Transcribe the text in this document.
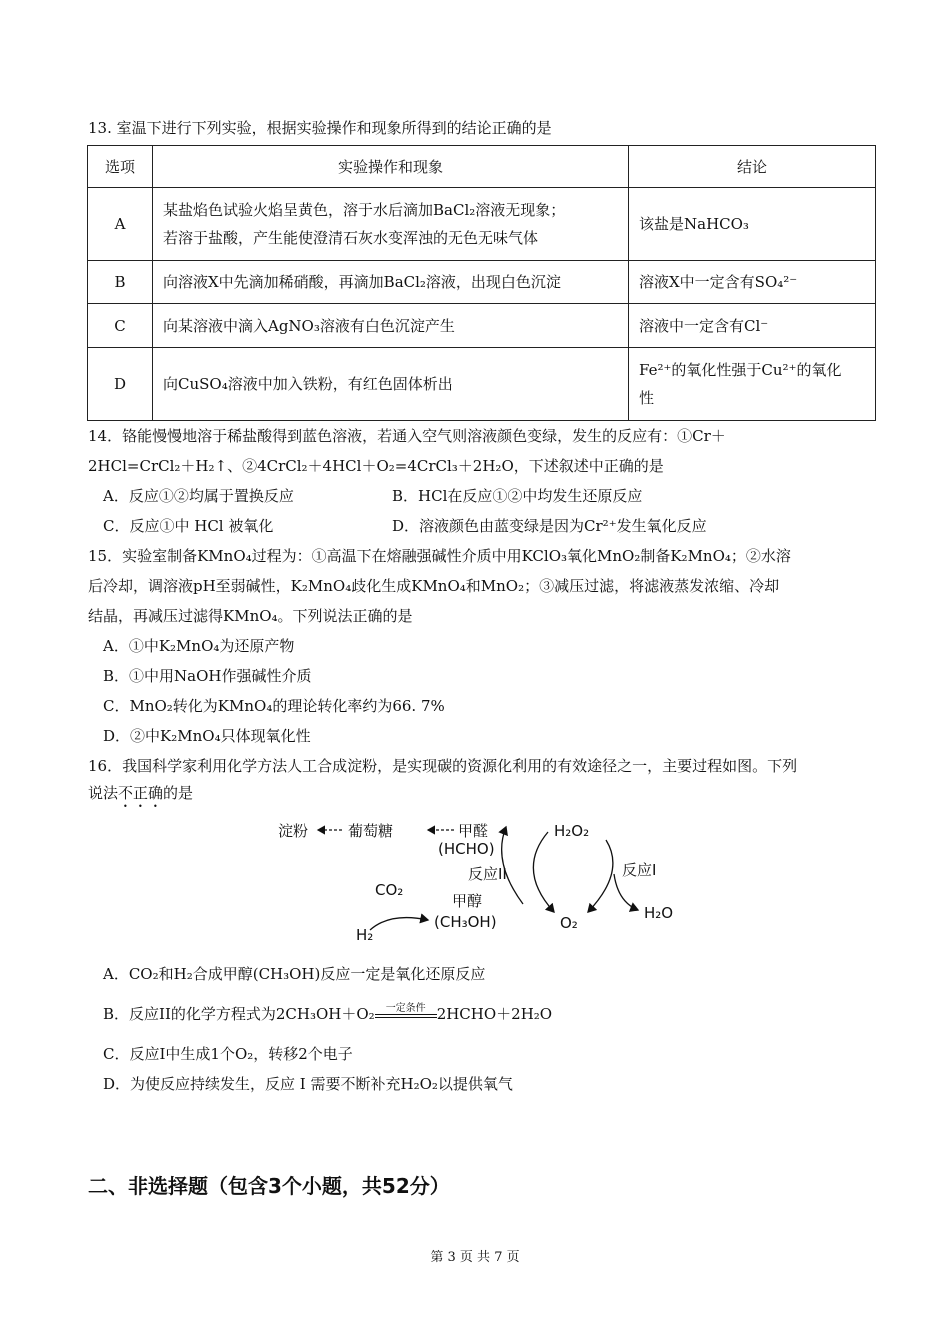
13. 室温下进行下列实验，根据实验操作和现象所得到的结论正确的是
选项	实验操作和现象	结论
A	某盐焰色试验火焰呈黄色，溶于水后滴加BaCl₂溶液无现象；
若溶于盐酸，产生能使澄清石灰水变浑浊的无色无味气体	该盐是NaHCO₃
B	向溶液X中先滴加稀硝酸，再滴加BaCl₂溶液，出现白色沉淀	溶液X中一定含有SO₄²⁻
C	向某溶液中滴入AgNO₃溶液有白色沉淀产生	溶液中一定含有Cl⁻
D	向CuSO₄溶液中加入铁粉，有红色固体析出	Fe²⁺的氧化性强于Cu²⁺的氧化
性
14．铬能慢慢地溶于稀盐酸得到蓝色溶液，若通入空气则溶液颜色变绿，发生的反应有：①Cr＋
2HCl=CrCl₂＋H₂↑、②4CrCl₂＋4HCl＋O₂=4CrCl₃＋2H₂O，下述叙述中正确的是
A．反应①②均属于置换反应	B．HCl在反应①②中均发生还原反应
C．反应①中 HCl 被氧化	D．溶液颜色由蓝变绿是因为Cr²⁺发生氧化反应
15．实验室制备KMnO₄过程为：①高温下在熔融强碱性介质中用KClO₃氧化MnO₂制备K₂MnO₄；②水溶
后冷却，调溶液pH至弱碱性，K₂MnO₄歧化生成KMnO₄和MnO₂；③减压过滤，将滤液蒸发浓缩、冷却
结晶，再减压过滤得KMnO₄。下列说法正确的是
A．①中K₂MnO₄为还原产物
B．①中用NaOH作强碱性介质
C．MnO₂转化为KMnO₄的理论转化率约为66. 7%
D．②中K₂MnO₄只体现氧化性
16．我国科学家利用化学方法人工合成淀粉，是实现碳的资源化利用的有效途径之一，主要过程如图。下列
说法不正确的是
淀粉	葡萄糖	甲醛
(HCHO)
H₂O₂
反应II	反应I
CO₂
甲醇
(CH₃OH)	O₂
H₂O
H₂
A．CO₂和H₂合成甲醇(CH₃OH)反应一定是氧化还原反应
B．反应II的化学方程式为2CH₃OH＋O₂	一定条件 2HCHO＋2H₂O
C．反应I中生成1个O₂，转移2个电子
D．为使反应持续发生，反应 I 需要不断补充H₂O₂以提供氧气
二、非选择题（包含3个小题，共52分）
第 3 页 共 7 页
